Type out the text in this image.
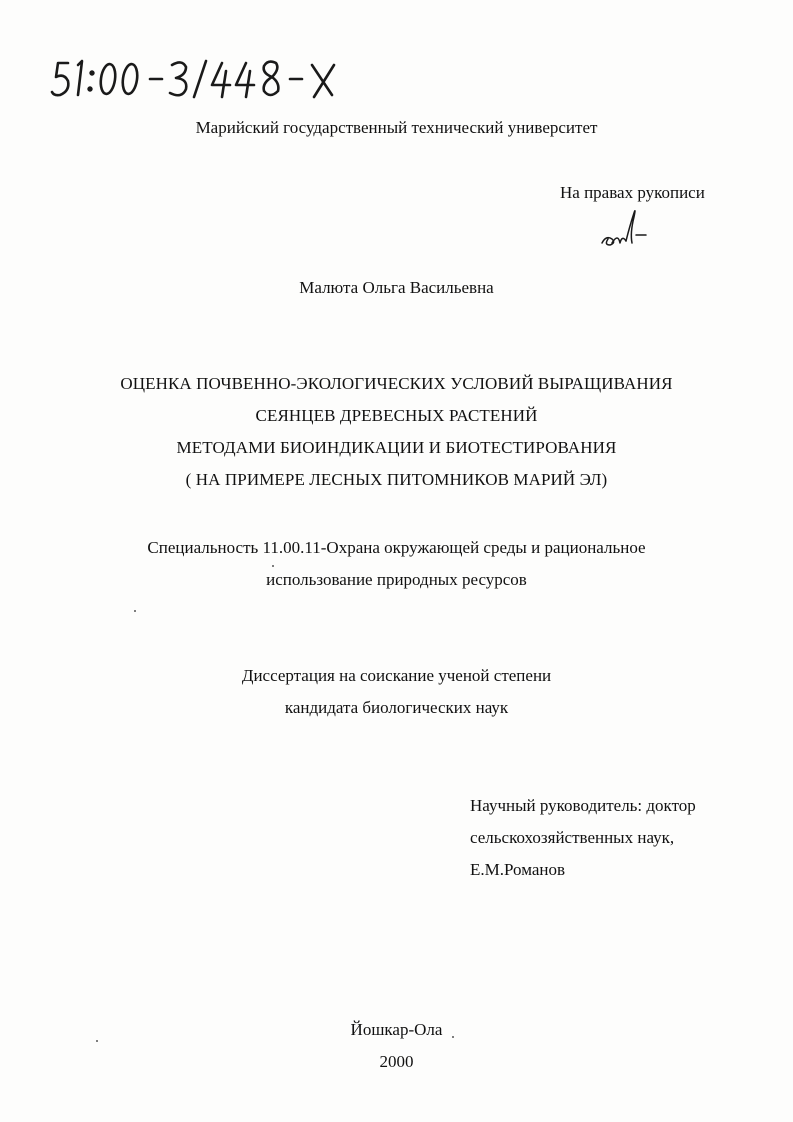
Марийский государственный технический университет
На правах рукописи
Малюта Ольга Васильевна
ОЦЕНКА ПОЧВЕННО-ЭКОЛОГИЧЕСКИХ УСЛОВИЙ ВЫРАЩИВАНИЯ
СЕЯНЦЕВ ДРЕВЕСНЫХ РАСТЕНИЙ
МЕТОДАМИ БИОИНДИКАЦИИ И БИОТЕСТИРОВАНИЯ
( НА ПРИМЕРЕ ЛЕСНЫХ ПИТОМНИКОВ МАРИЙ ЭЛ)
Специальность 11.00.11-Охрана окружающей среды и рациональное
использование природных ресурсов
Диссертация на соискание ученой степени
кандидата биологических наук
Научный руководитель: доктор
сельскохозяйственных наук,
Е.М.Романов
Йошкар-Ола
2000
